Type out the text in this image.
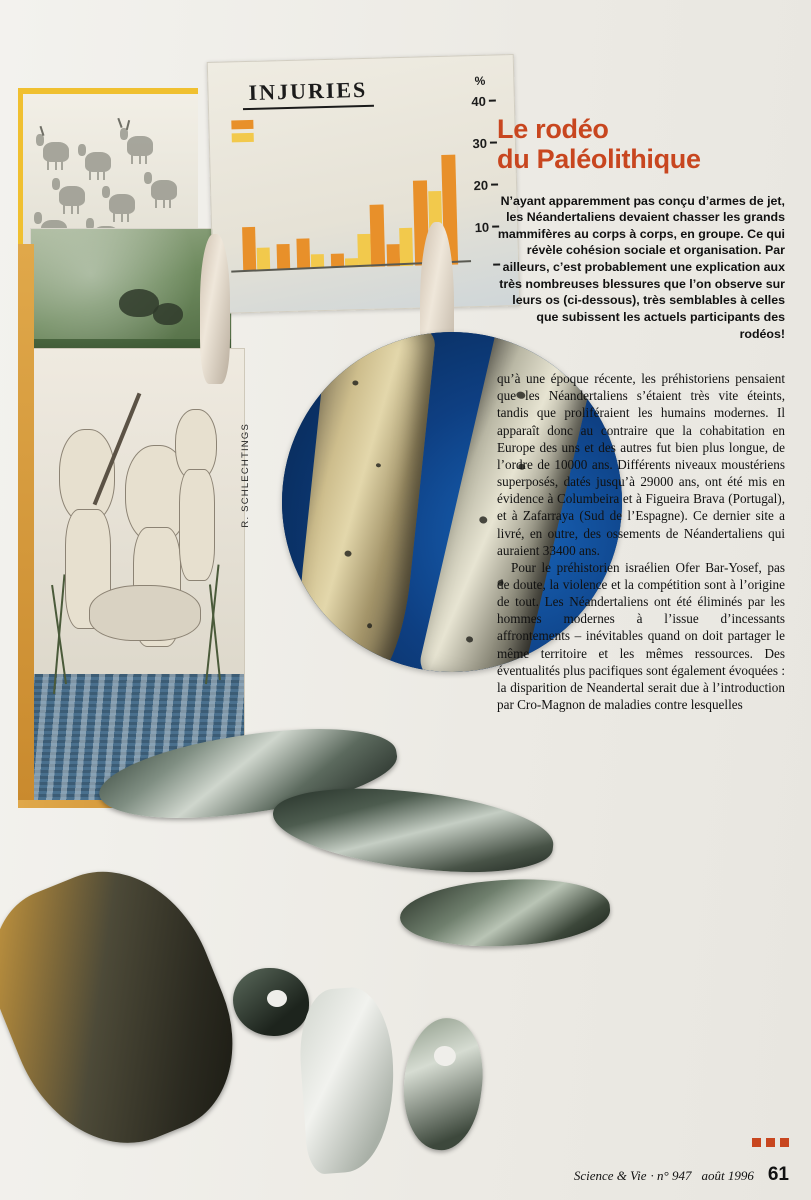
INJURIES	%
40
30
20
10
R. SCHLECHTINGS
Le rodéo
du Paléolithique
N’ayant apparemment pas conçu d’armes de jet, les Néandertaliens devaient chasser les grands mammifères au corps à corps, en groupe. Ce qui révèle cohésion sociale et organisation. Par ailleurs, c’est probablement une explication aux très nombreuses blessures que l’on observe sur leurs os (ci-dessous), très semblables à celles que subissent les actuels participants des rodéos!

qu’à une époque récente, les préhistoriens pensaient que les Néandertaliens s’étaient très vite éteints, tandis que proliféraient les humains modernes. Il apparaît donc au contraire que la cohabitation en Europe des uns et des autres fut bien plus longue, de l’ordre de 10000 ans. Différents niveaux moustériens superposés, datés jusqu’à 29000 ans, ont été mis en évidence à Columbeira et à Figueira Brava (Portugal), et à Zafarraya (Sud de l’Espagne). Ce dernier site a livré, en outre, des ossements de Néandertaliens qui auraient 33400 ans.

Pour le préhistorien israélien Ofer Bar-Yosef, pas de doute, la violence et la compétition sont à l’origine de tout. Les Néandertaliens ont été éliminés par les hommes modernes à l’issue d’incessants affrontements – inévitables quand on doit partager le même territoire et les mêmes ressources. Des éventualités plus pacifiques sont également évoquées : la disparition de Neandertal serait due à l’introduction par Cro-Magnon de maladies contre lesquelles

Science & Vie · n° 947 août 1996 61
